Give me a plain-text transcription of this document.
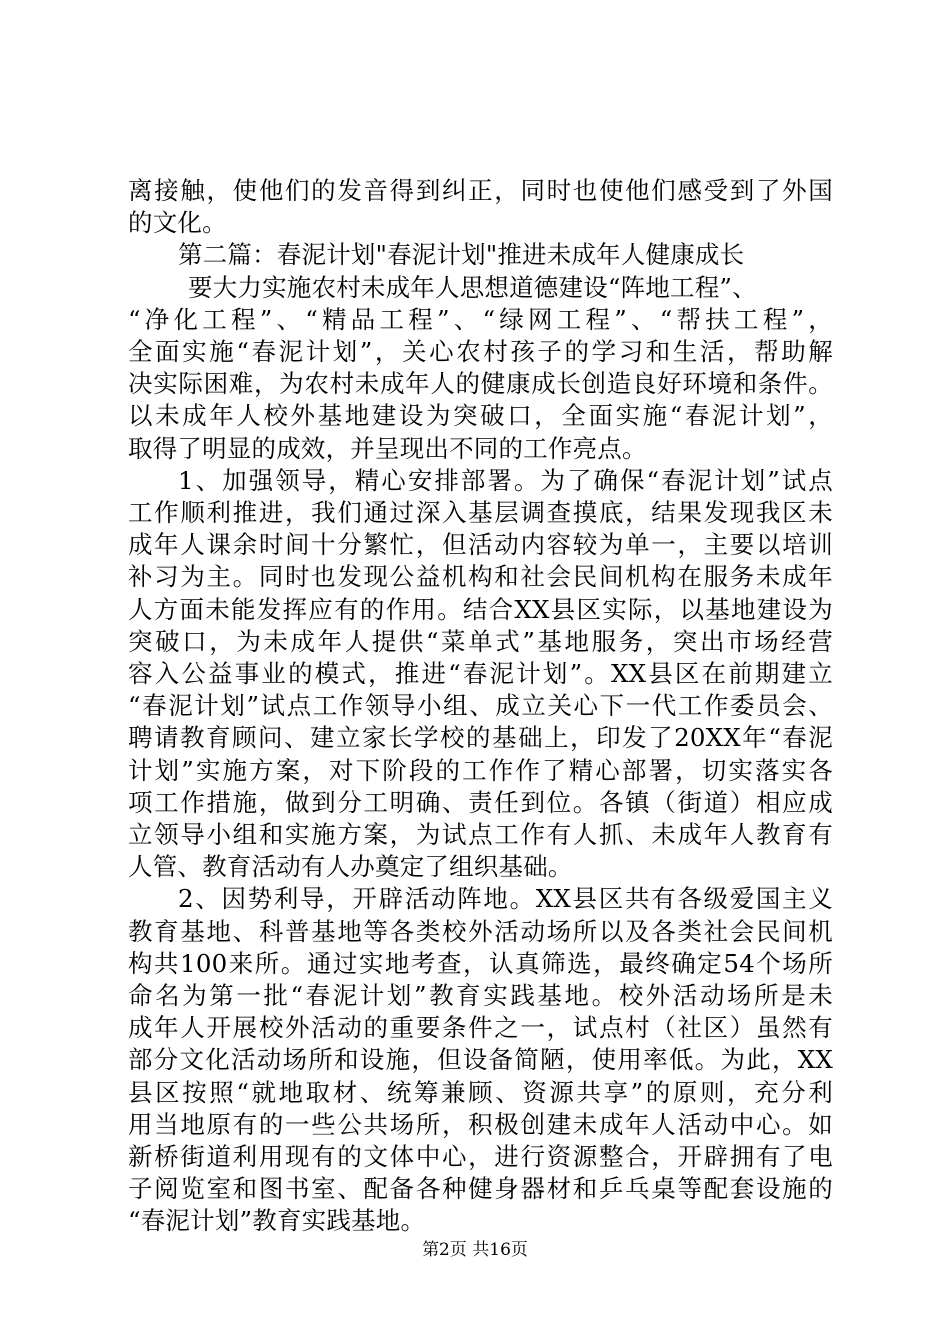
离接触，使他们的发音得到纠正，同时也使他们感受到了外国
的文化。
第二篇：春泥计划"春泥计划"推进未成年人健康成长
要大力实施农村未成年人思想道德建设“阵地工程”、
“净化工程”、“精品工程”、“绿网工程”、“帮扶工程”，
全面实施“春泥计划”，关心农村孩子的学习和生活，帮助解
决实际困难，为农村未成年人的健康成长创造良好环境和条件。
以未成年人校外基地建设为突破口，全面实施“春泥计划”，
取得了明显的成效，并呈现出不同的工作亮点。
1、加强领导，精心安排部署。为了确保“春泥计划”试点
工作顺利推进，我们通过深入基层调查摸底，结果发现我区未
成年人课余时间十分繁忙，但活动内容较为单一，主要以培训
补习为主。同时也发现公益机构和社会民间机构在服务未成年
人方面未能发挥应有的作用。结合XX县区实际，以基地建设为
突破口，为未成年人提供“菜单式”基地服务，突出市场经营
容入公益事业的模式，推进“春泥计划”。XX县区在前期建立
“春泥计划”试点工作领导小组、成立关心下一代工作委员会、
聘请教育顾问、建立家长学校的基础上，印发了20XX年“春泥
计划”实施方案，对下阶段的工作作了精心部署，切实落实各
项工作措施，做到分工明确、责任到位。各镇（街道）相应成
立领导小组和实施方案，为试点工作有人抓、未成年人教育有
人管、教育活动有人办奠定了组织基础。
2、因势利导，开辟活动阵地。XX县区共有各级爱国主义
教育基地、科普基地等各类校外活动场所以及各类社会民间机
构共100来所。通过实地考查，认真筛选，最终确定54个场所
命名为第一批“春泥计划”教育实践基地。校外活动场所是未
成年人开展校外活动的重要条件之一，试点村（社区）虽然有
部分文化活动场所和设施，但设备简陋，使用率低。为此，XX
县区按照“就地取材、统筹兼顾、资源共享”的原则，充分利
用当地原有的一些公共场所，积极创建未成年人活动中心。如
新桥街道利用现有的文体中心，进行资源整合，开辟拥有了电
子阅览室和图书室、配备各种健身器材和乒乓桌等配套设施的
“春泥计划”教育实践基地。
第2页 共16页
